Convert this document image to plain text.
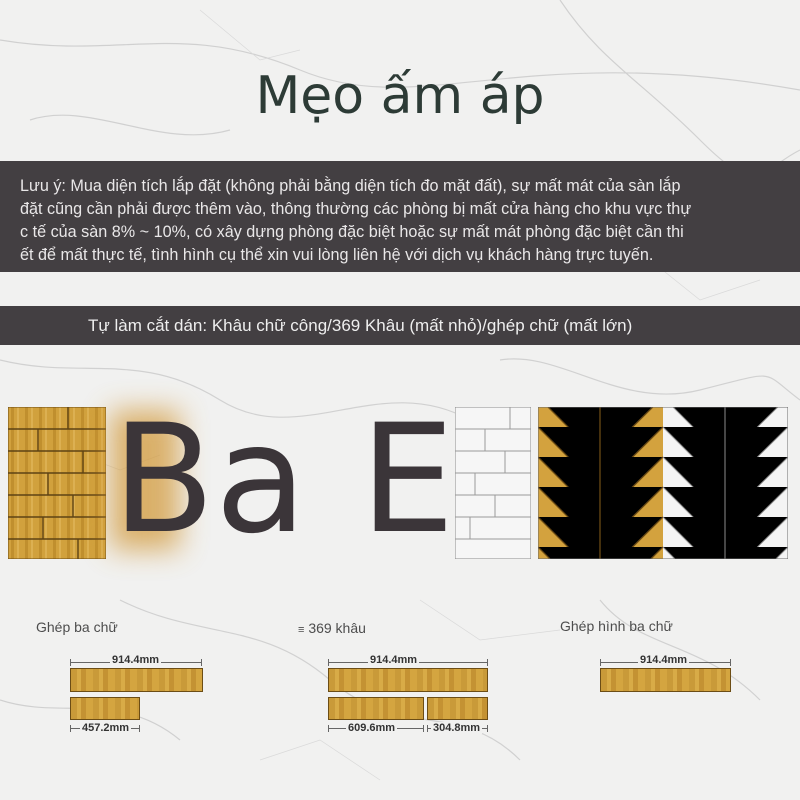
Mẹo ấm áp
Lưu ý: Mua diện tích lắp đặt (không phải bằng diện tích đo mặt đất), sự mất mát của sàn lắp
đặt cũng cần phải được thêm vào, thông thường các phòng bị mất cửa hàng cho khu vực thự
c tế của sàn 8% ~ 10%, có xây dựng phòng đặc biệt hoặc sự mất mát phòng đặc biệt cần thi
ết để mất thực tế, tình hình cụ thể xin vui lòng liên hệ với dịch vụ khách hàng trực tuyến.
Tự làm cắt dán: Khâu chữ công/369 Khâu (mất nhỏ)/ghép chữ (mất lớn)
Ba E
Ghép ba chữ	≡ 369 khâu	Ghép hình ba chữ
914.4mm
457.2mm
914.4mm
609.6mm	304.8mm
914.4mm
